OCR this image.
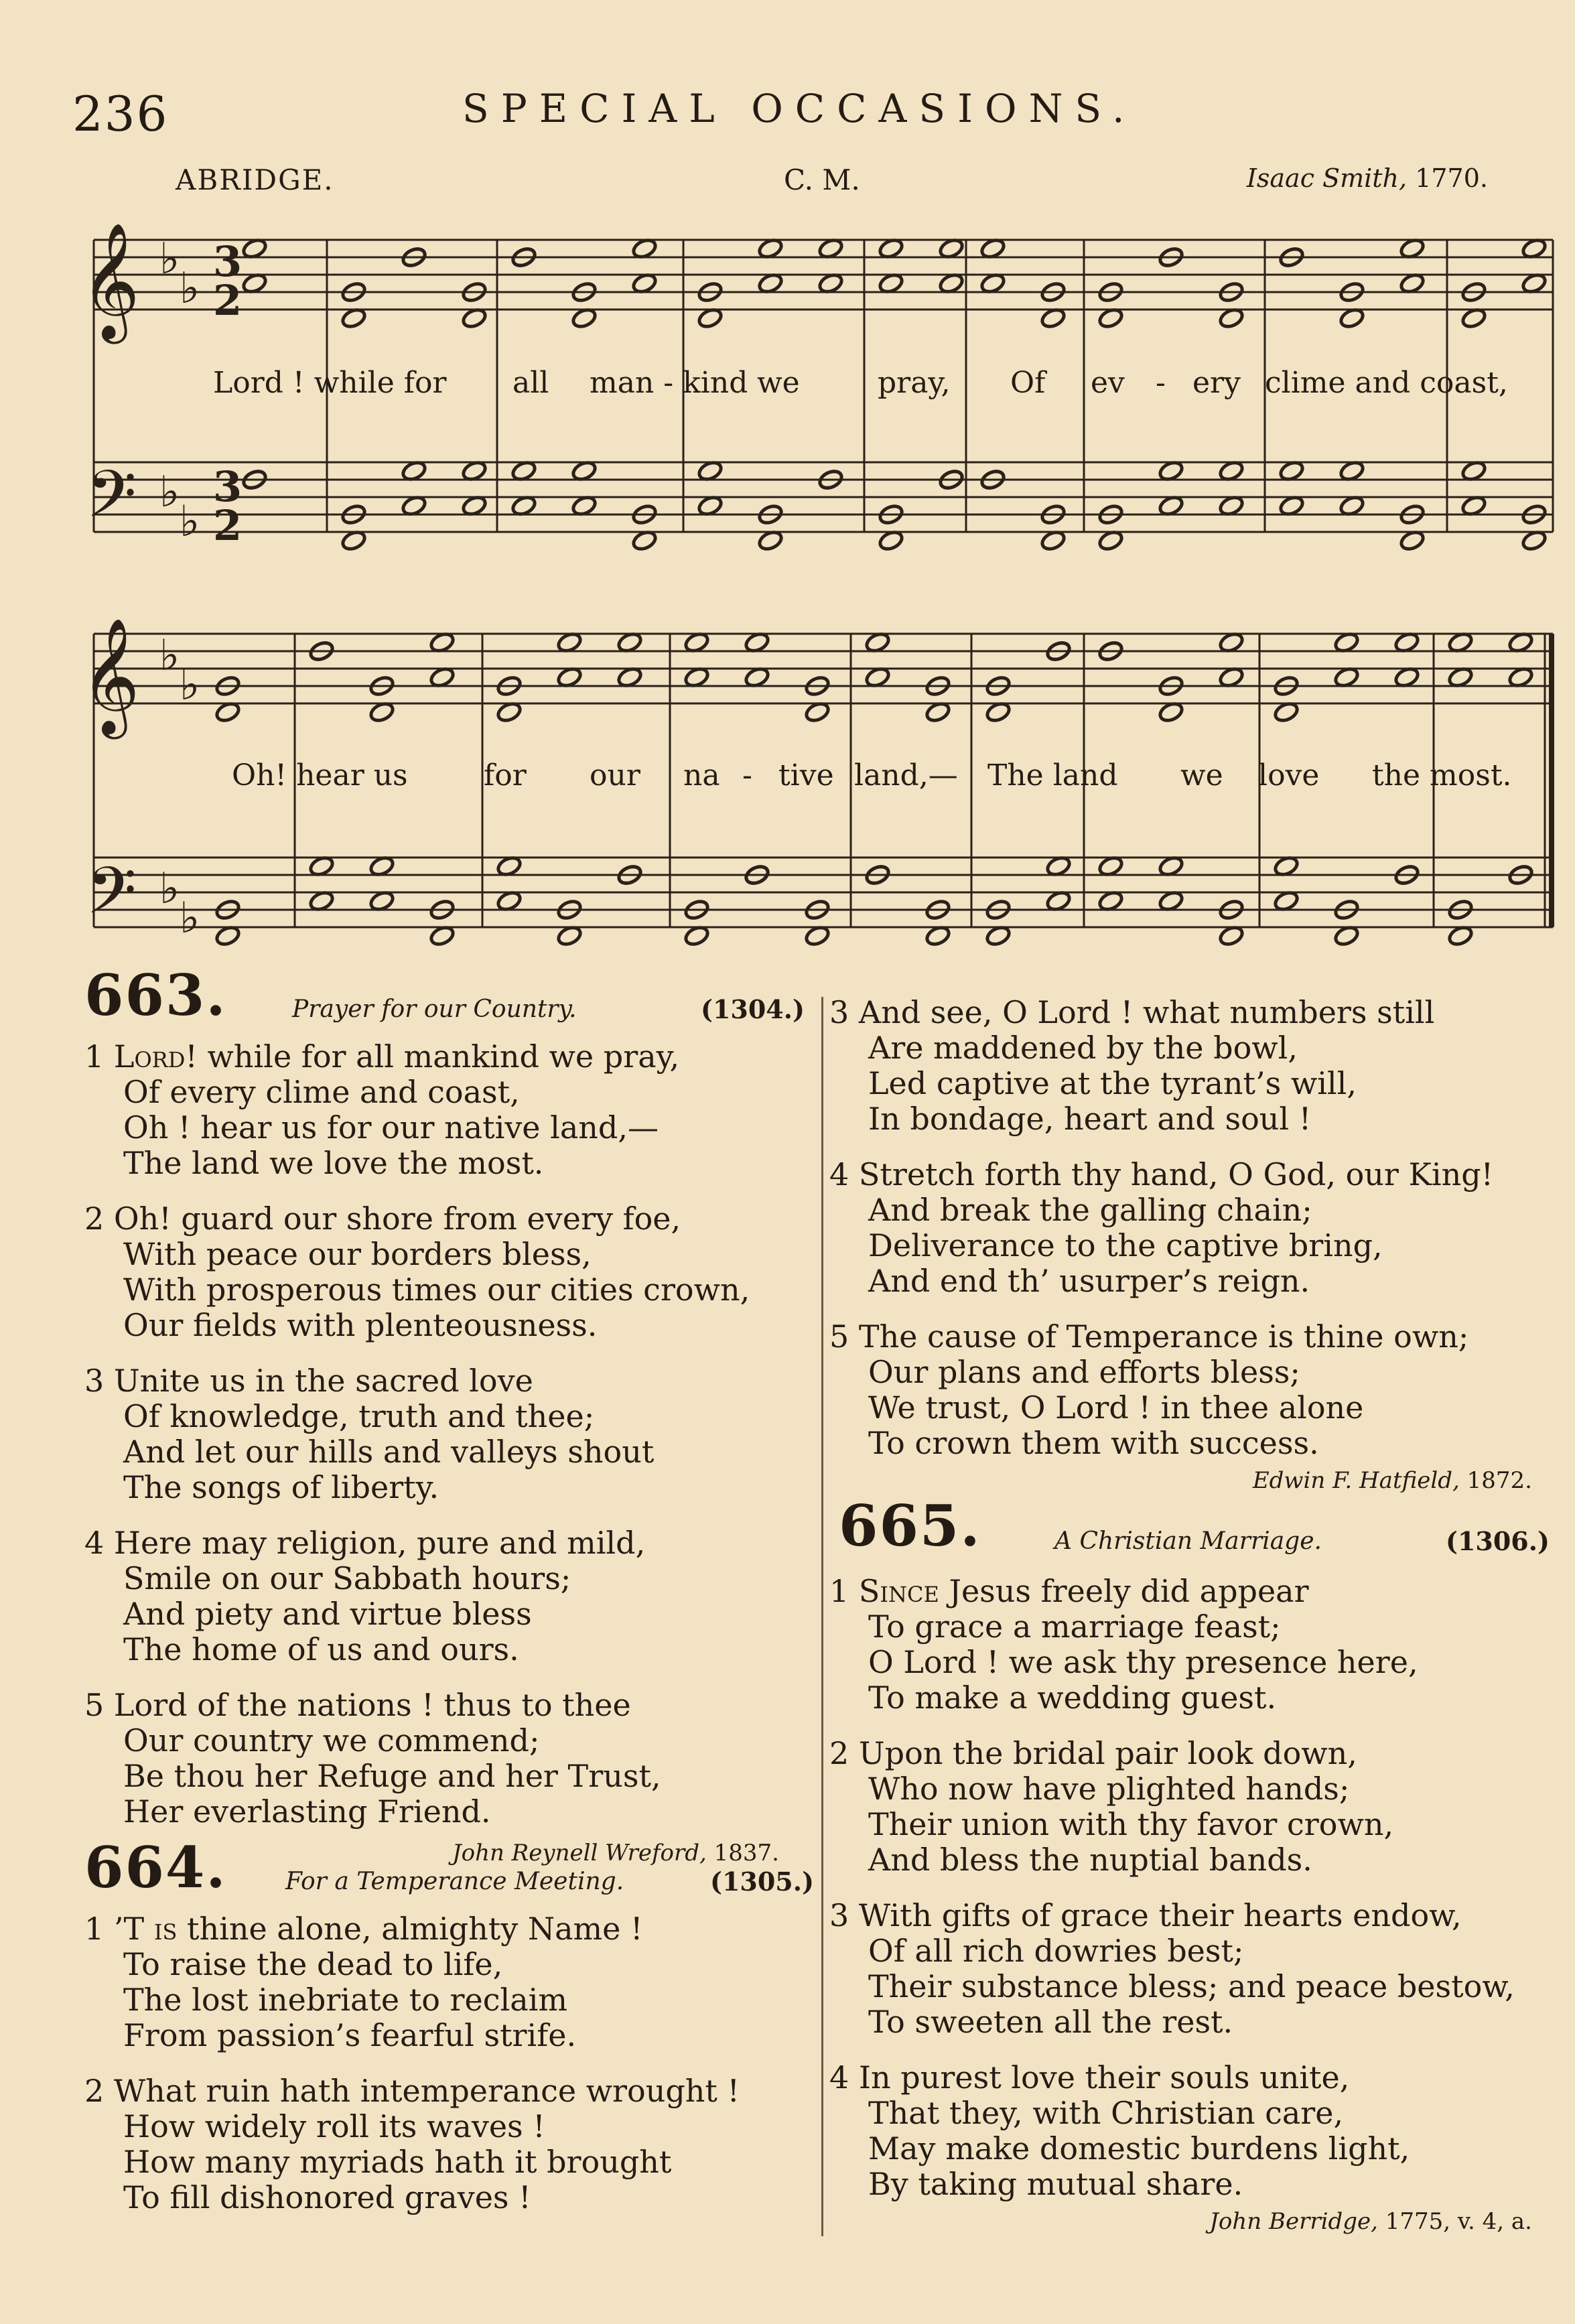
236	SPECIAL OCCASIONS.
ABRIDGE.	C. M.	Isaac Smith, 1770.
𝄞
𝄢
𝄞
𝄢
♭
♭
♭
♭
♭
♭
♭
♭
3
2
3
2
Lord ! while for all man - kind we	pray, Of ev - ery clime and coast,
Oh! hear us	for our na - tive land,— The land we love the most.
663.	Prayer for our Country.	(1304.)
664. For a Temperance Meeting.	(1305.)
665.	A Christian Marriage.	(1306.)
1 Lord! while for all mankind we pray,
Of every clime and coast,
Oh ! hear us for our native land,—
The land we love the most.
2 Oh! guard our shore from every foe,
With peace our borders bless,
With prosperous times our cities crown,
Our fields with plenteousness.
3 Unite us in the sacred love
Of knowledge, truth and thee;
And let our hills and valleys shout
The songs of liberty.
4 Here may religion, pure and mild,
Smile on our Sabbath hours;
And piety and virtue bless
The home of us and ours.
5 Lord of the nations ! thus to thee
Our country we commend;
Be thou her Refuge and her Trust,
Her everlasting Friend.
John Reynell Wreford, 1837.
1 ’T is thine alone, almighty Name !
To raise the dead to life,
The lost inebriate to reclaim
From passion’s fearful strife.
2 What ruin hath intemperance wrought !
How widely roll its waves !
How many myriads hath it brought
To fill dishonored graves !
3 And see, O Lord ! what numbers still
Are maddened by the bowl,
Led captive at the tyrant’s will,
In bondage, heart and soul !
4 Stretch forth thy hand, O God, our King!
And break the galling chain;
Deliverance to the captive bring,
And end th’ usurper’s reign.
5 The cause of Temperance is thine own;
Our plans and efforts bless;
We trust, O Lord ! in thee alone
To crown them with success.
Edwin F. Hatfield, 1872.
1 Since Jesus freely did appear
To grace a marriage feast;
O Lord ! we ask thy presence here,
To make a wedding guest.
2 Upon the bridal pair look down,
Who now have plighted hands;
Their union with thy favor crown,
And bless the nuptial bands.
3 With gifts of grace their hearts endow,
Of all rich dowries best;
Their substance bless; and peace bestow,
To sweeten all the rest.
4 In purest love their souls unite,
That they, with Christian care,
May make domestic burdens light,
By taking mutual share.
John Berridge, 1775, v. 4, a.
